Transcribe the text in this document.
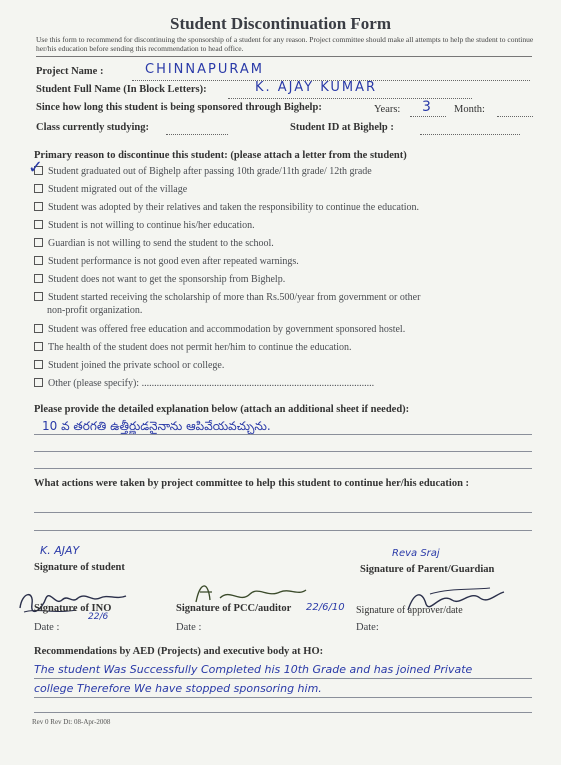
Student Discontinuation Form
Use this form to recommend for discontinuing the sponsorship of a student for any reason. Project committee should make all attempts to help the student to continue her/his education before sending this recommendation to head office.
Project Name :	CHINNAPURAM
Student Full Name (In Block Letters):	K. AJAY KUMAR
Since how long this student is being sponsored through Bighelp:	Years: 3 Month:
Class currently studying:	Student ID at Bighelp :
Primary reason to discontinue this student: (please attach a letter from the student)
Student graduated out of Bighelp after passing 10th grade/11th grade/ 12th grade
✓
Student migrated out of the village
Student was adopted by their relatives and taken the responsibility to continue the education.
Student is not willing to continue his/her education.
Guardian is not willing to send the student to the school.
Student performance is not good even after repeated warnings.
Student does not want to get the sponsorship from Bighelp.
Student started receiving the scholarship of more than Rs.500/year from government or other
non-profit organization.
Student was offered free education and accommodation by government sponsored hostel.
The health of the student does not permit her/him to continue the education.
Student joined the private school or college.
Other (please specify): .............................................................................................
Please provide the detailed explanation below (attach an additional sheet if needed):
10 వ తరగతి ఉత్తీర్ణుడనైనాను ఆపివేయవచ్చును.
What actions were taken by project committee to help this student to continue her/his education :
K. AJAY
Signature of student
Reva Sraj
Signature of Parent/Guardian
22/6
Signature of INO
Date :
Signature of PCC/auditor 22/6/10
Date :
Signature of approver/date
Date:
Recommendations by AED (Projects) and executive body at HO:
The student Was Successfully Completed his 10th Grade and has joined Private
college Therefore We have stopped sponsoring him.
Rev 0 Rev Dt: 08-Apr-2008
